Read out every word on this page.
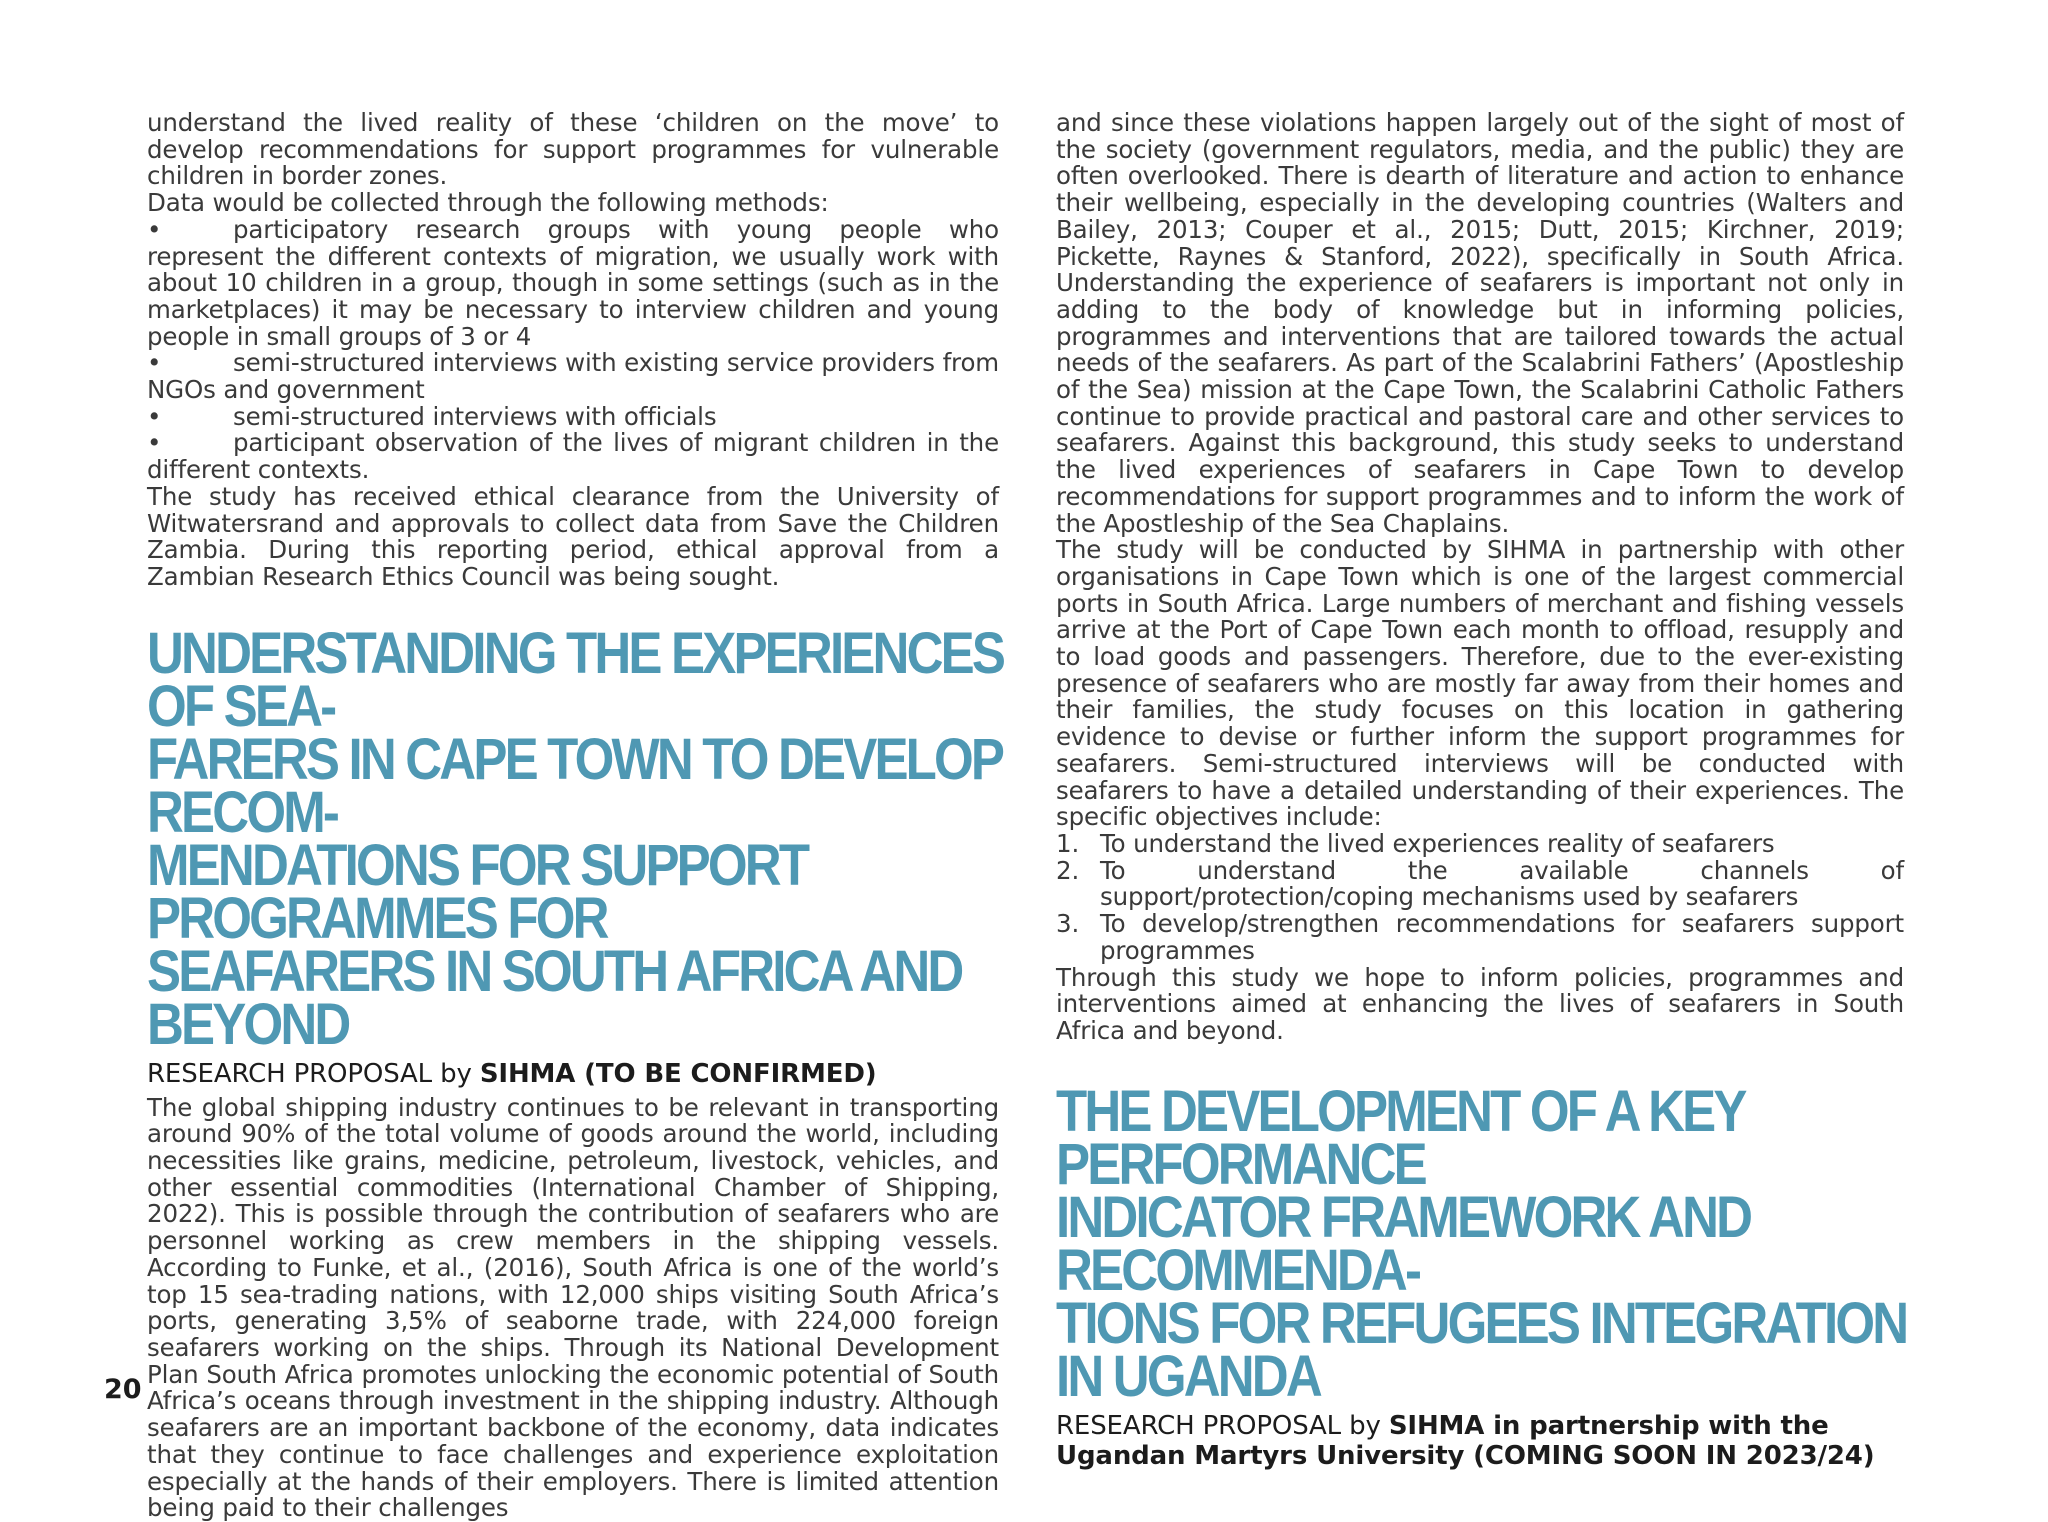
understand the lived reality of these ‘children on the move’ to develop recommendations for support programmes for vulnerable children in border zones.

Data would be collected through the following methods:

•	participatory research groups with young people who represent the different contexts of migration, we usually work with about 10 children in a group, though in some settings (such as in the marketplaces) it may be necessary to interview children and young people in small groups of 3 or 4

•	semi-structured interviews with existing service providers from NGOs and government

•	semi-structured interviews with officials

•	participant observation of the lives of migrant children in the different contexts.

The study has received ethical clearance from the University of Witwatersrand and approvals to collect data from Save the Children Zambia. During this reporting period, ethical approval from a Zambian Research Ethics Council was being sought.

UNDERSTANDING THE EXPERIENCES OF SEA-
FARERS IN CAPE TOWN TO DEVELOP RECOM-
MENDATIONS FOR SUPPORT PROGRAMMES FOR
SEAFARERS IN SOUTH AFRICA AND BEYOND

RESEARCH PROPOSAL by SIHMA (TO BE CONFIRMED)

The global shipping industry continues to be relevant in transporting around 90% of the total volume of goods around the world, including necessities like grains, medicine, petroleum, livestock, vehicles, and other essential commodities (International Chamber of Shipping, 2022). This is possible through the contribution of seafarers who are personnel working as crew members in the shipping vessels. According to Funke, et al., (2016), South Africa is one of the world’s top 15 sea-trading nations, with 12,000 ships visiting South Africa’s ports, generating 3,5% of seaborne trade, with 224,000 foreign seafarers working on the ships. Through its National Development Plan South Africa promotes unlocking the economic potential of South Africa’s oceans through investment in the shipping industry. Although seafarers are an important backbone of the economy, data indicates that they continue to face challenges and experience exploitation especially at the hands of their employers. There is limited attention being paid to their challenges

and since these violations happen largely out of the sight of most of the society (government regulators, media, and the public) they are often overlooked. There is dearth of literature and action to enhance their wellbeing, especially in the developing countries (Walters and Bailey, 2013; Couper et al., 2015; Dutt, 2015; Kirchner, 2019; Pickette, Raynes & Stanford, 2022), specifically in South Africa. Understanding the experience of seafarers is important not only in adding to the body of knowledge but in informing policies, programmes and interventions that are tailored towards the actual needs of the seafarers. As part of the Scalabrini Fathers’ (Apostleship of the Sea) mission at the Cape Town, the Scalabrini Catholic Fathers continue to provide practical and pastoral care and other services to seafarers. Against this background, this study seeks to understand the lived experiences of seafarers in Cape Town to develop recommendations for support programmes and to inform the work of the Apostleship of the Sea Chaplains.

The study will be conducted by SIHMA in partnership with other organisations in Cape Town which is one of the largest commercial ports in South Africa. Large numbers of merchant and fishing vessels arrive at the Port of Cape Town each month to offload, resupply and to load goods and passengers. Therefore, due to the ever-existing presence of seafarers who are mostly far away from their homes and their families, the study focuses on this location in gathering evidence to devise or further inform the support programmes for seafarers. Semi-structured interviews will be conducted with seafarers to have a detailed understanding of their experiences. The specific objectives include:

1. To understand the lived experiences reality of seafarers
2. To understand the available channels of support/protection/coping mechanisms used by seafarers
3. To develop/strengthen recommendations for seafarers support programmes

Through this study we hope to inform policies, programmes and interventions aimed at enhancing the lives of seafarers in South Africa and beyond.

THE DEVELOPMENT OF A KEY PERFORMANCE
INDICATOR FRAMEWORK AND RECOMMENDA-
TIONS FOR REFUGEES INTEGRATION IN UGANDA

RESEARCH PROPOSAL by SIHMA in partnership with the Ugandan Martyrs University (COMING SOON IN 2023/24)

20
